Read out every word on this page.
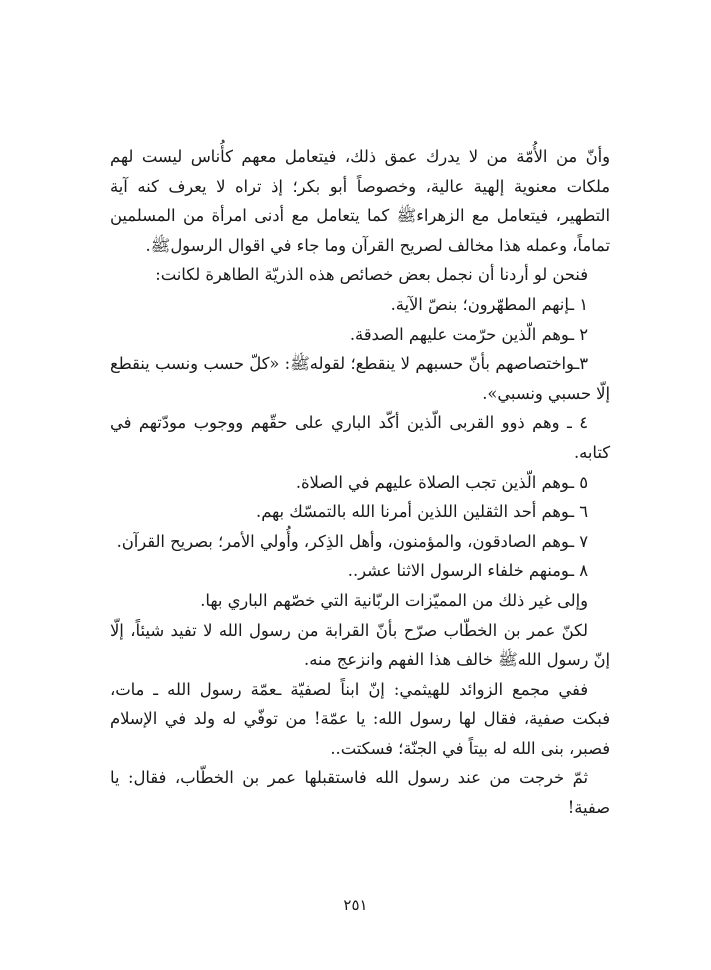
وأنّ من الأُمّة من لا يدرك عمق ذلك، فيتعامل معهم كأُناس ليست لهم ملكات معنوية إلهية عالية، وخصوصاً أبو بكر؛ إذ تراه لا يعرف كنه آية التطهير، فيتعامل مع الزهراءﷺ كما يتعامل مع أدنى امرأة من المسلمين تماماً، وعمله هذا مخالف لصريح القرآن وما جاء في اقوال الرسولﷺ.

فنحن لو أردنا أن نجمل بعض خصائص هذه الذريّة الطاهرة لكانت:

١ ـإنهم المطهّرون؛ بنصّ الآية.

٢ ـوهم الّذين حرّمت عليهم الصدقة.

٣ـواختصاصهم بأنّ حسبهم لا ينقطع؛ لقولهﷺ: «كلّ حسب ونسب ينقطع إلّا حسبي ونسبي».

٤ ـ وهم ذوو القربى الّذين أكّد الباري على حقّهم ووجوب مودّتهم في كتابه.

٥ ـوهم الّذين تجب الصلاة عليهم في الصلاة.

٦ ـوهم أحد الثقلين اللذين أمرنا الله بالتمسّك بهم.

٧ ـوهم الصادقون، والمؤمنون، وأهل الذِكر، وأُولي الأمر؛ بصريح القرآن.

٨ ـومنهم خلفاء الرسول الاثنا عشر..

وإلى غير ذلك من المميّزات الربّانية التي خصّهم الباري بها.

لكنّ عمر بن الخطّاب صرّح بأنّ القرابة من رسول الله لا تفيد شيئاً، إلّا إنّ رسول اللهﷺ خالف هذا الفهم وانزعج منه.

ففي مجمع الزوائد للهيثمي: إنّ ابناً لصفيّة ـعمّة رسول الله ـ مات، فبكت صفية، فقال لها رسول الله: يا عمّة! من توفّي له ولد في الإسلام فصبر، بنى الله له بيتاً في الجنّة؛ فسكتت..

ثمّ خرجت من عند رسول الله فاستقبلها عمر بن الخطّاب، فقال: يا صفية!

٢٥١
